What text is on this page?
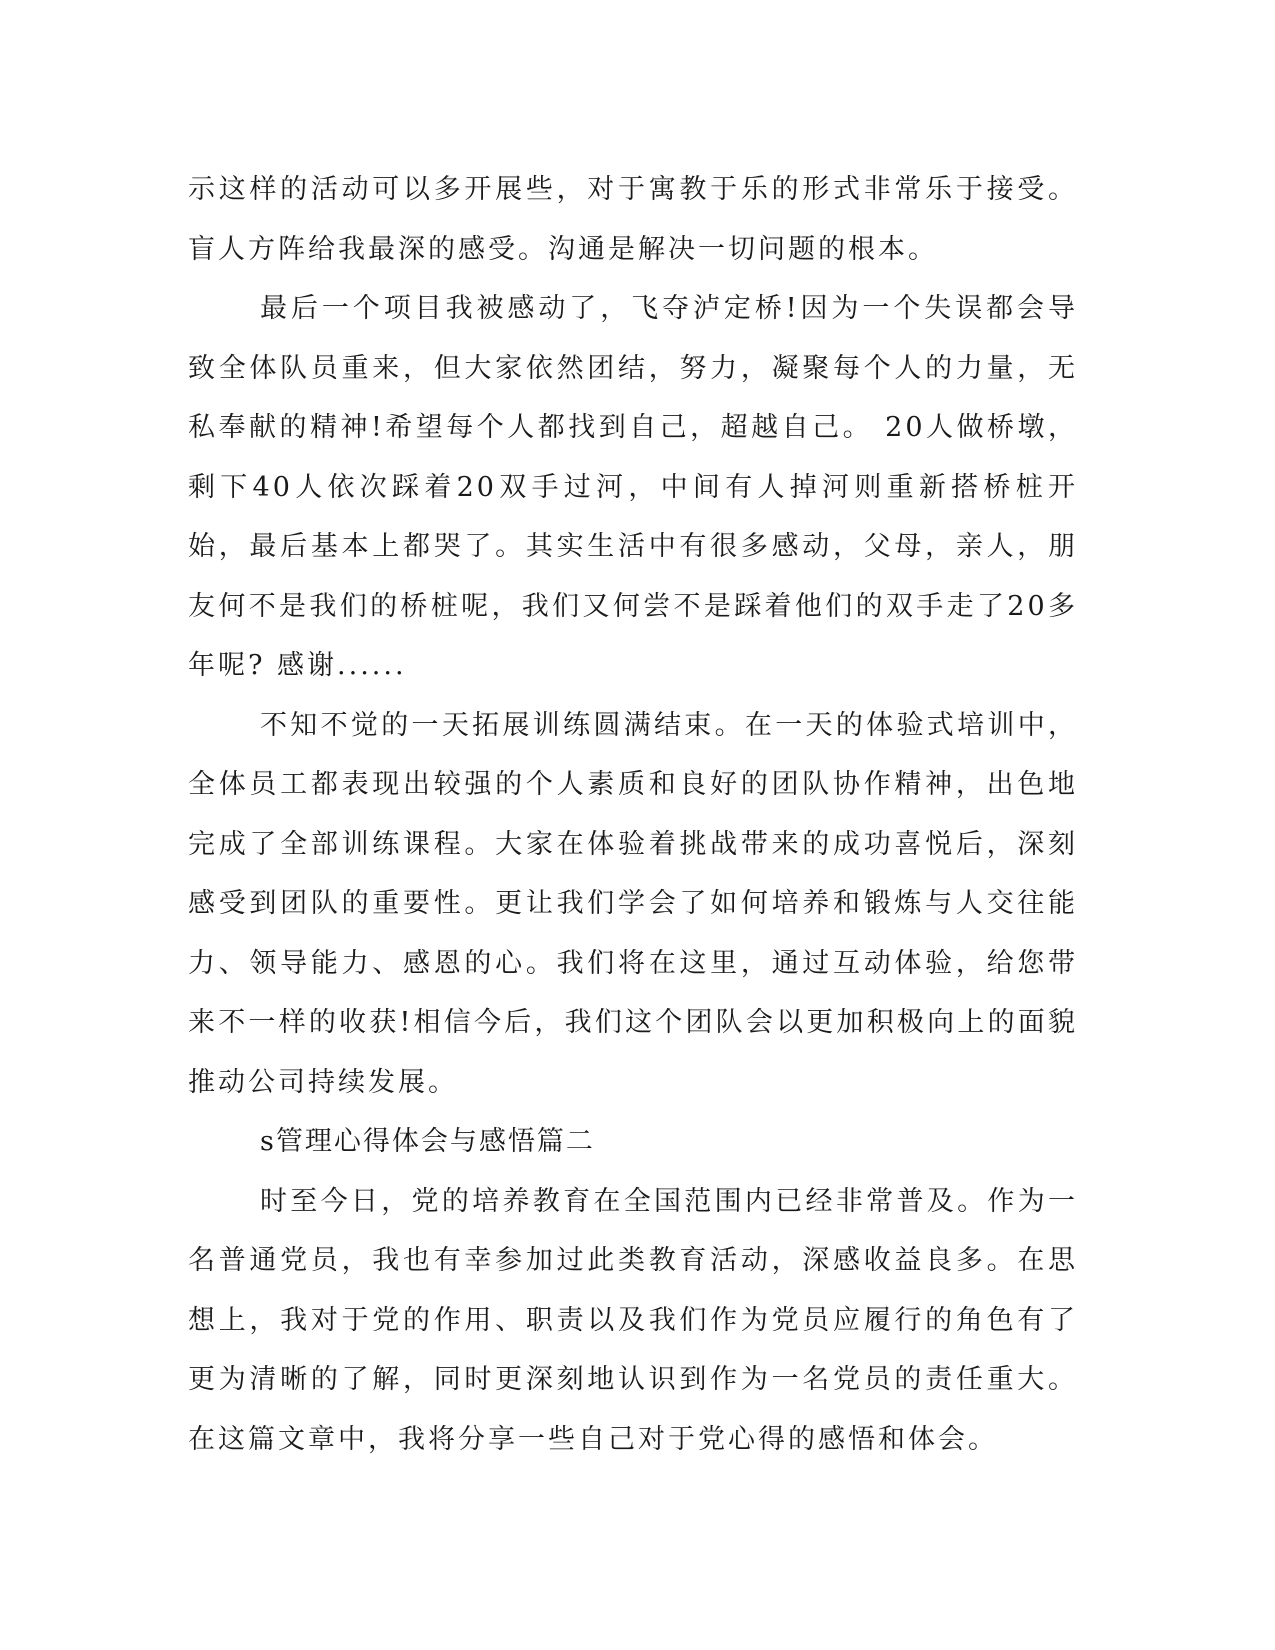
示这样的活动可以多开展些，对于寓教于乐的形式非常乐于接受。盲人方阵给我最深的感受。沟通是解决一切问题的根本。

最后一个项目我被感动了，飞夺泸定桥!因为一个失误都会导致全体队员重来，但大家依然团结，努力，凝聚每个人的力量，无私奉献的精神!希望每个人都找到自己，超越自己。 20人做桥墩，剩下40人依次踩着20双手过河，中间有人掉河则重新搭桥桩开始，最后基本上都哭了。其实生活中有很多感动，父母，亲人，朋友何不是我们的桥桩呢，我们又何尝不是踩着他们的双手走了20多年呢? 感谢......

不知不觉的一天拓展训练圆满结束。在一天的体验式培训中，全体员工都表现出较强的个人素质和良好的团队协作精神，出色地完成了全部训练课程。大家在体验着挑战带来的成功喜悦后，深刻感受到团队的重要性。更让我们学会了如何培养和锻炼与人交往能力、领导能力、感恩的心。我们将在这里，通过互动体验，给您带来不一样的收获!相信今后，我们这个团队会以更加积极向上的面貌推动公司持续发展。

s管理心得体会与感悟篇二

时至今日，党的培养教育在全国范围内已经非常普及。作为一名普通党员，我也有幸参加过此类教育活动，深感收益良多。在思想上，我对于党的作用、职责以及我们作为党员应履行的角色有了更为清晰的了解，同时更深刻地认识到作为一名党员的责任重大。在这篇文章中，我将分享一些自己对于党心得的感悟和体会。
